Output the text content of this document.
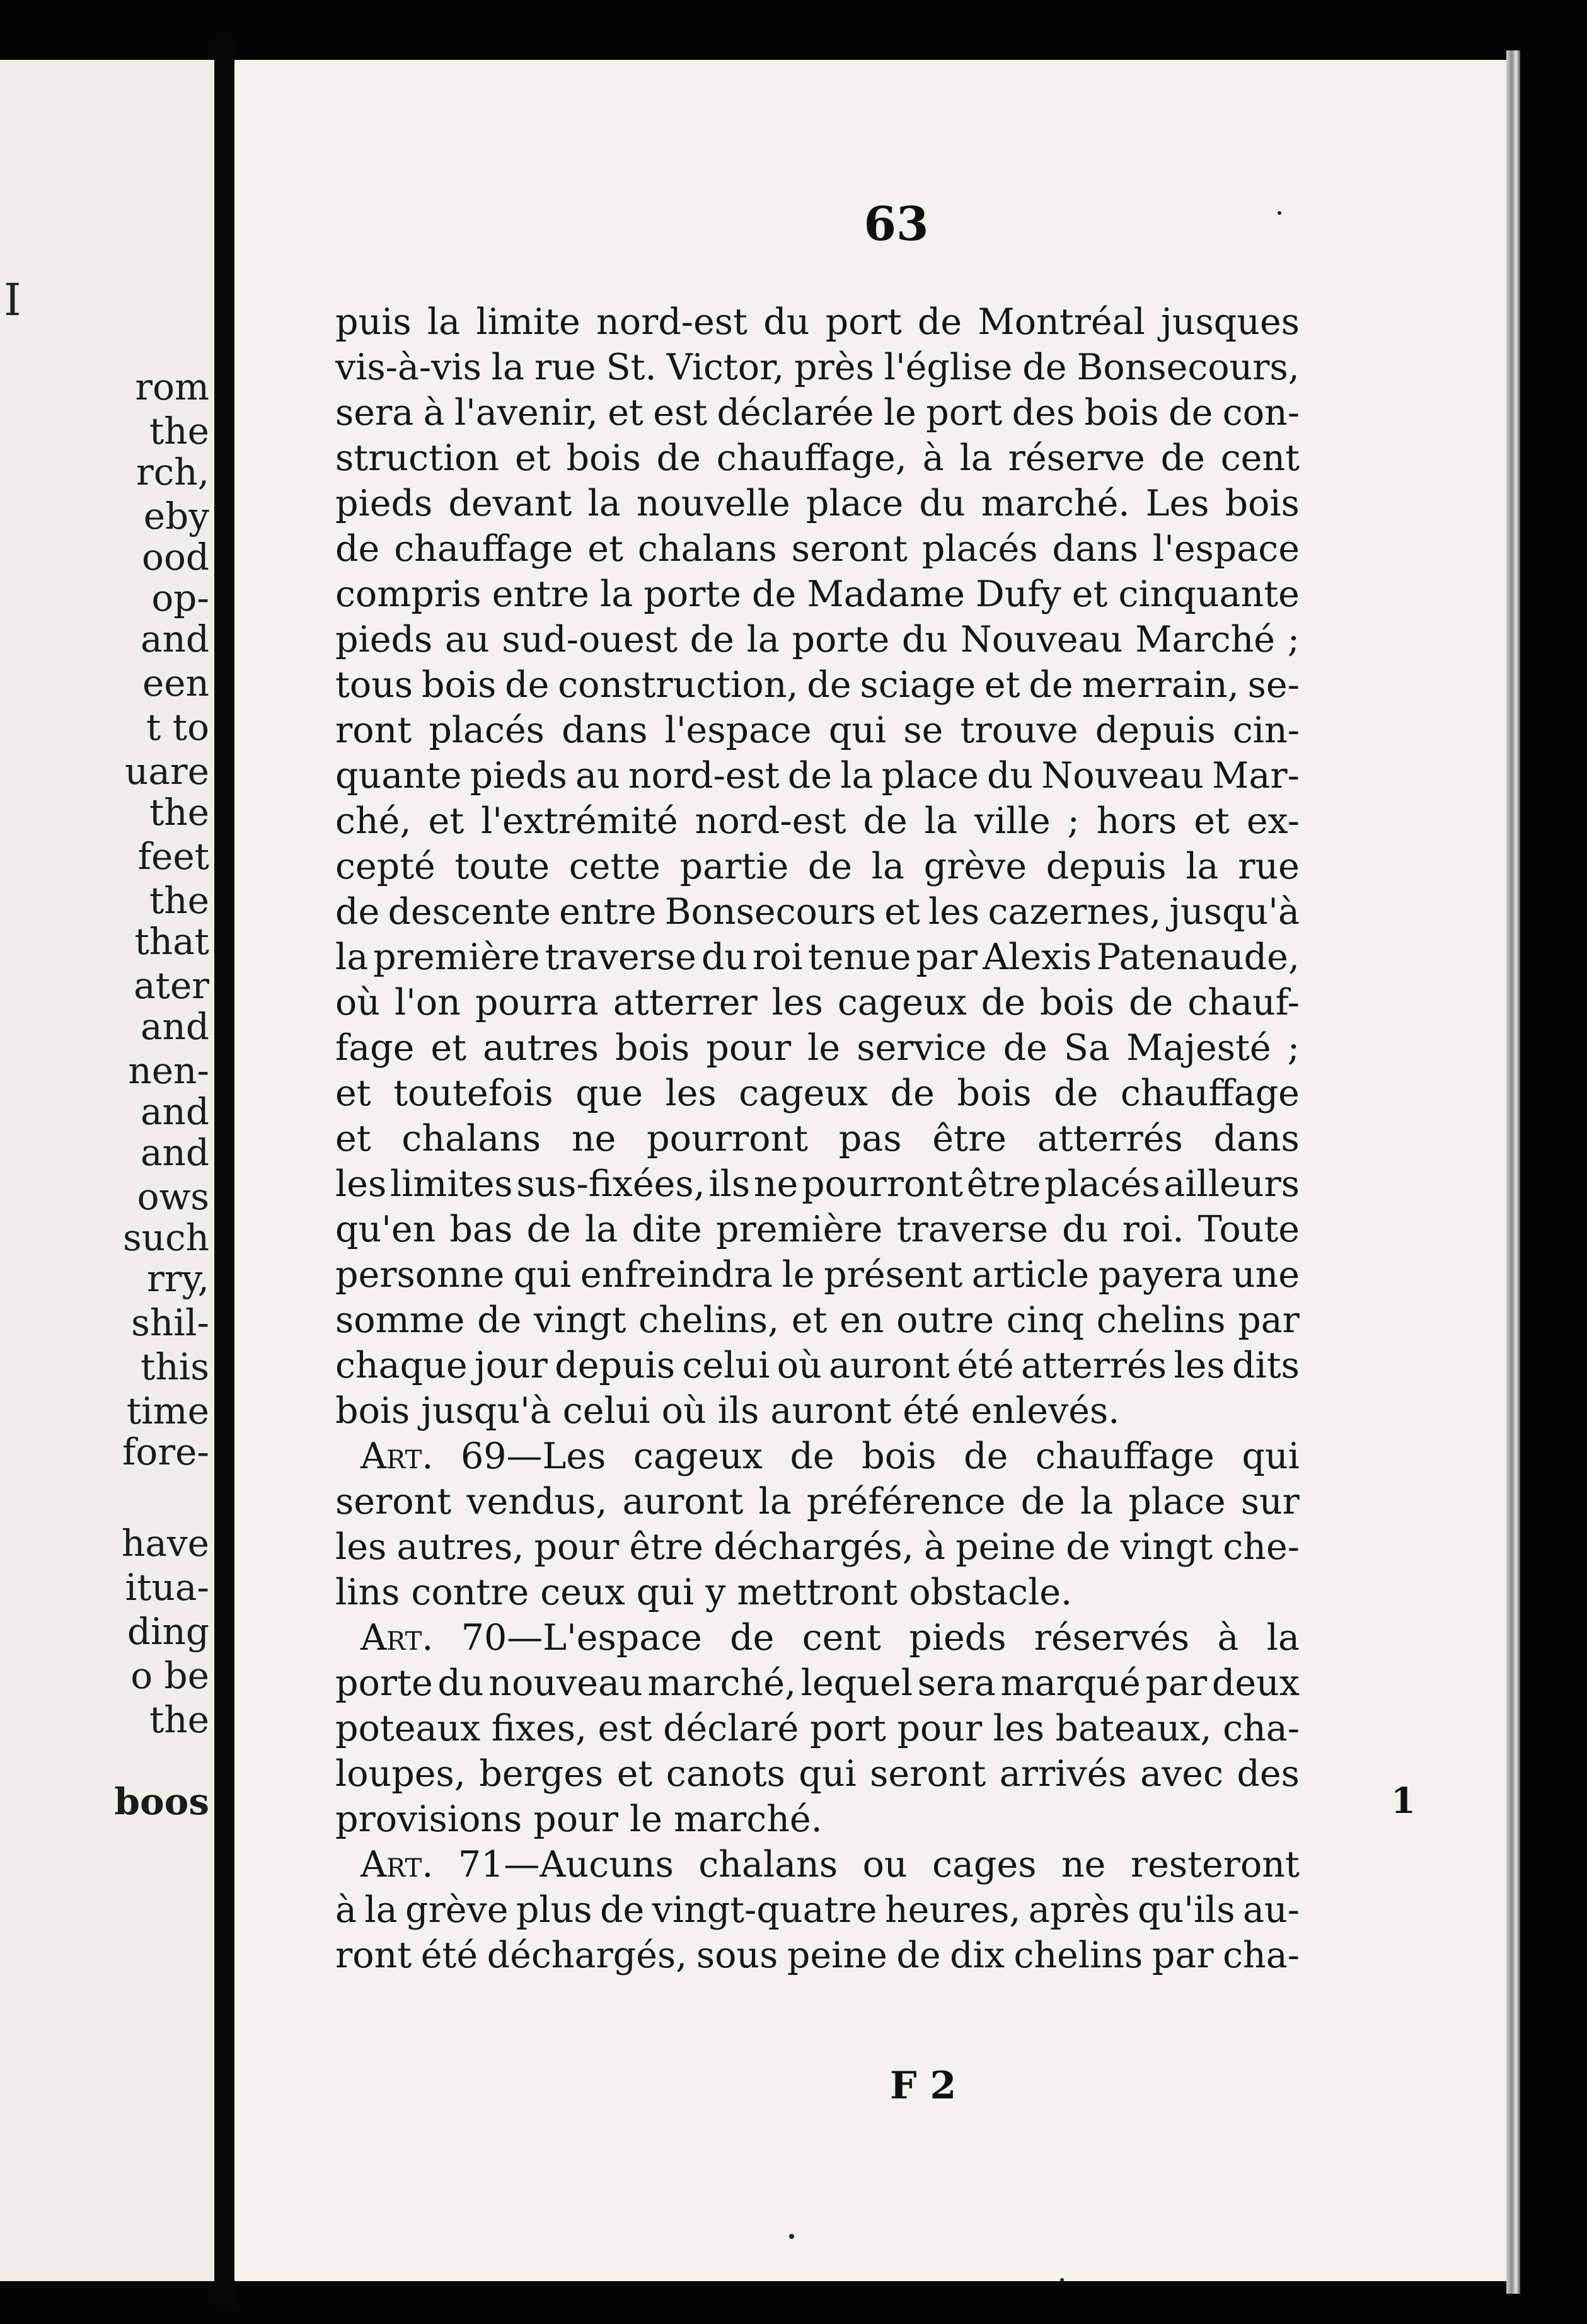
I
rom
the
rch,
eby
ood
op-
and
een
t to
uare
the
feet
the
that
ater
and
nen-
and
and
ows
such
rry,
shil-
this
time
fore-
have
itua-
ding
o be
the
boos
63
puis la limite nord-est du port de Montréal jusques
vis-à-vis la rue St. Victor, près l'église de Bonsecours,
sera à l'avenir, et est déclarée le port des bois de con-
struction et bois de chauffage, à la réserve de cent
pieds devant la nouvelle place du marché. Les bois
de chauffage et chalans seront placés dans l'espace
compris entre la porte de Madame Dufy et cinquante
pieds au sud-ouest de la porte du Nouveau Marché ;
tous bois de construction, de sciage et de merrain, se-
ront placés dans l'espace qui se trouve depuis cin-
quante pieds au nord-est de la place du Nouveau Mar-
ché, et l'extrémité nord-est de la ville ; hors et ex-
cepté toute cette partie de la grève depuis la rue
de descente entre Bonsecours et les cazernes, jusqu'à
la première traverse du roi tenue par Alexis Patenaude,
où l'on pourra atterrer les cageux de bois de chauf-
fage et autres bois pour le service de Sa Majesté ;
et toutefois que les cageux de bois de chauffage
et chalans ne pourront pas être atterrés dans
les limites sus-fixées, ils ne pourront être placés ailleurs
qu'en bas de la dite première traverse du roi. Toute
personne qui enfreindra le présent article payera une
somme de vingt chelins, et en outre cinq chelins par
chaque jour depuis celui où auront été atterrés les dits
bois jusqu'à celui où ils auront été enlevés.
Art. 69—Les cageux de bois de chauffage qui
seront vendus, auront la préférence de la place sur
les autres, pour être déchargés, à peine de vingt che-
lins contre ceux qui y mettront obstacle.
Art. 70—L'espace de cent pieds réservés à la
porte du nouveau marché, lequel sera marqué par deux
poteaux fixes, est déclaré port pour les bateaux, cha-
loupes, berges et canots qui seront arrivés avec des
provisions pour le marché.
Art. 71—Aucuns chalans ou cages ne resteront
à la grève plus de vingt-quatre heures, après qu'ils au-
ront été déchargés, sous peine de dix chelins par cha-
F 2
1
